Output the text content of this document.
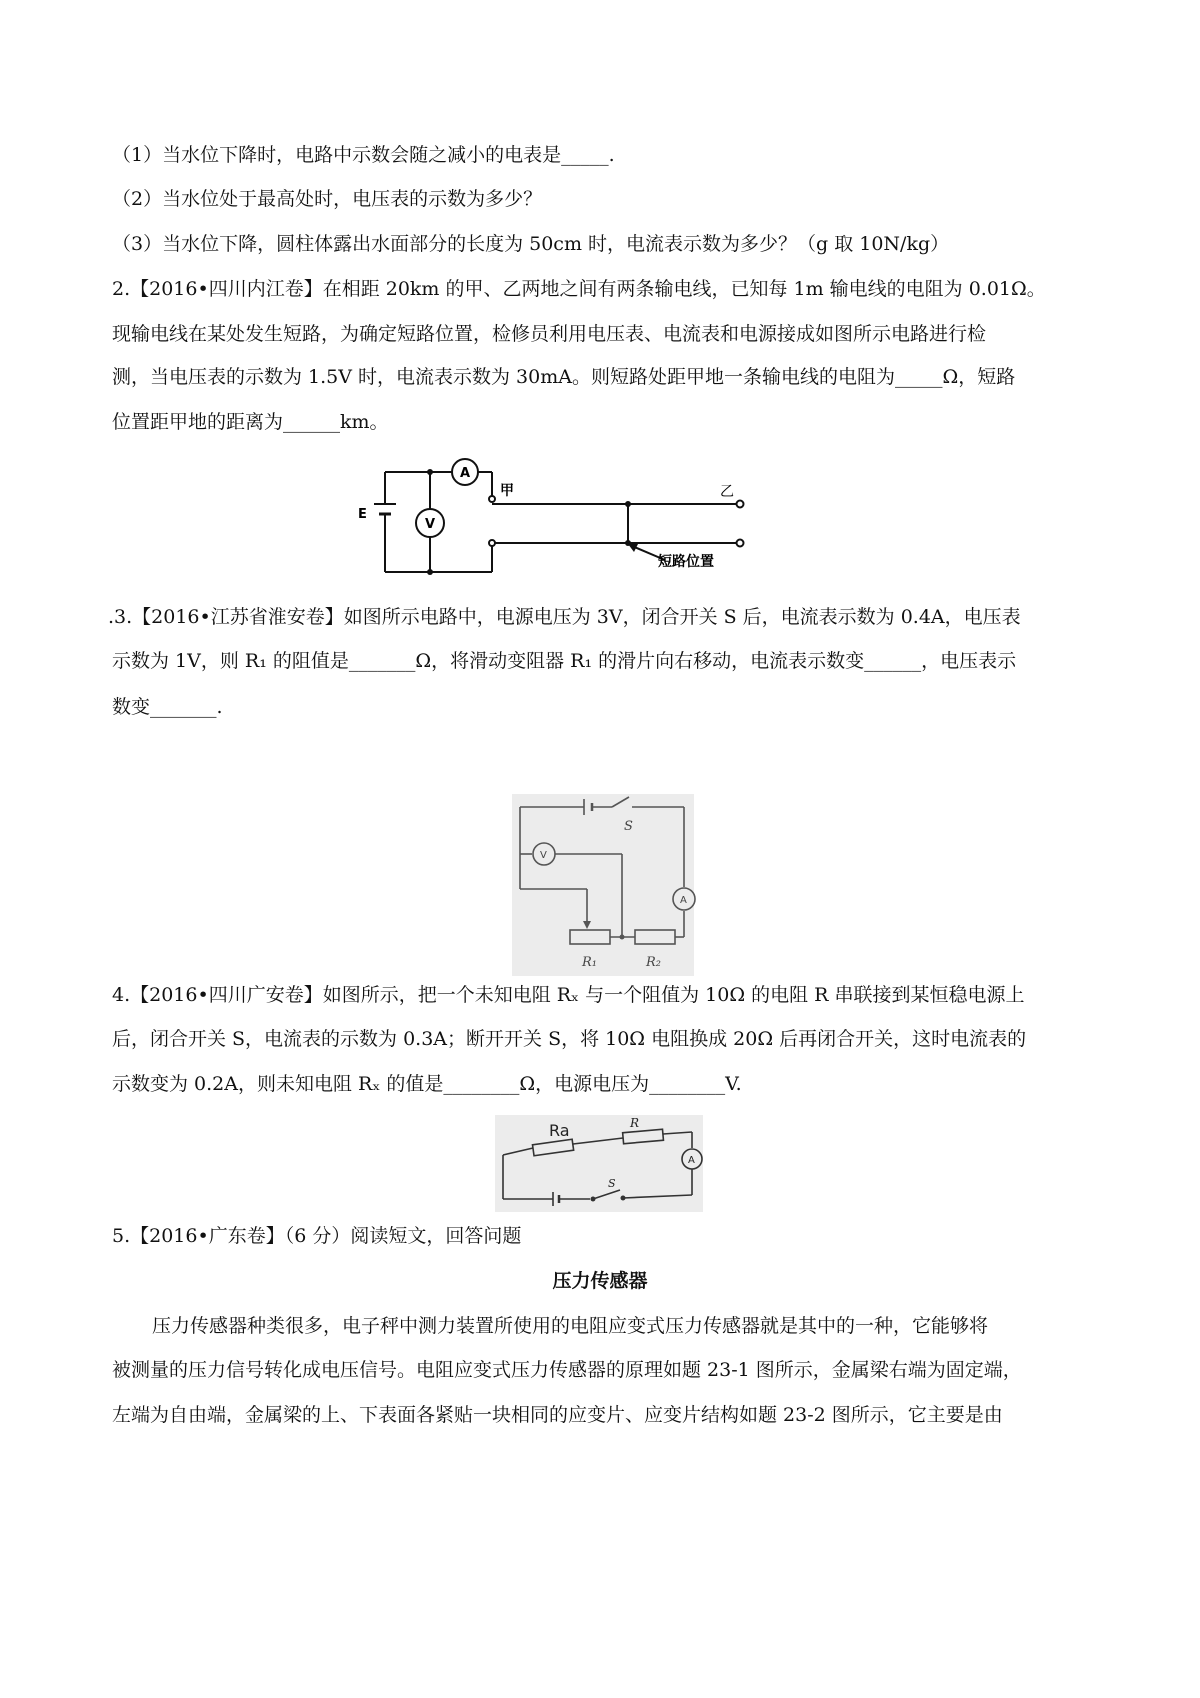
（1）当水位下降时，电路中示数会随之减小的电表是_____.
（2）当水位处于最高处时，电压表的示数为多少？
（3）当水位下降，圆柱体露出水面部分的长度为 50cm 时，电流表示数为多少？（g 取 10N/kg）
2.【2016•四川内江卷】在相距 20km 的甲、乙两地之间有两条输电线，已知每 1m 输电线的电阻为 0.01Ω。
现输电线在某处发生短路，为确定短路位置，检修员利用电压表、电流表和电源接成如图所示电路进行检
测，当电压表的示数为 1.5V 时，电流表示数为 30mA。则短路处距甲地一条输电线的电阻为_____Ω，短路
位置距甲地的距离为______km。
A
V
E
甲	乙
短路位置
.3.【2016•江苏省淮安卷】如图所示电路中，电源电压为 3V，闭合开关 S 后，电流表示数为 0.4A，电压表
示数为 1V，则 R₁ 的阻值是_______Ω，将滑动变阻器 R₁ 的滑片向右移动，电流表示数变______，电压表示
数变_______.
S
V
A
R₁	R₂
4.【2016•四川广安卷】如图所示，把一个未知电阻 Rₓ 与一个阻值为 10Ω 的电阻 R 串联接到某恒稳电源上
后，闭合开关 S，电流表的示数为 0.3A；断开开关 S，将 10Ω 电阻换成 20Ω 后再闭合开关，这时电流表的
示数变为 0.2A，则未知电阻 Rₓ 的值是________Ω，电源电压为________V.
Ra	R
A
S
5.【2016•广东卷】（6 分）阅读短文，回答问题
压力传感器
压力传感器种类很多，电子秤中测力装置所使用的电阻应变式压力传感器就是其中的一种，它能够将
被测量的压力信号转化成电压信号。电阻应变式压力传感器的原理如题 23-1 图所示，金属梁右端为固定端，
左端为自由端，金属梁的上、下表面各紧贴一块相同的应变片、应变片结构如题 23-2 图所示，它主要是由
